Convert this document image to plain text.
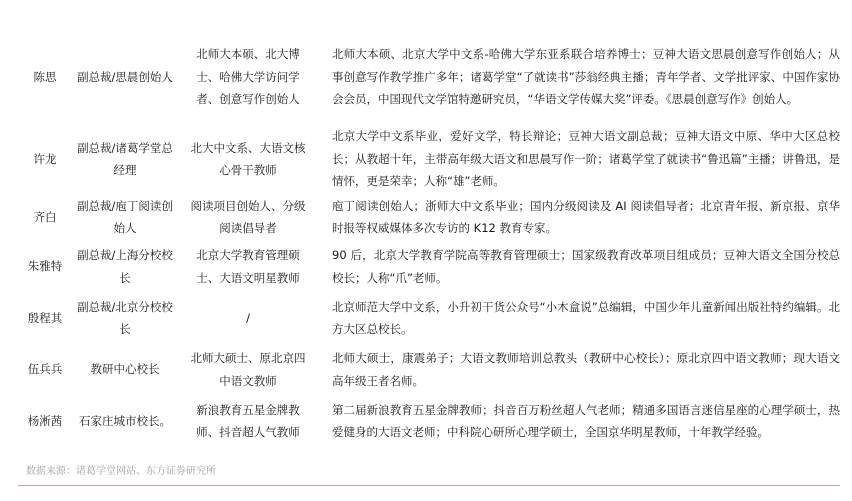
陈思	副总裁/思晨创始人	北师大本硕、北大博士、哈佛大学访问学者、创意写作创始人	北师大本硕、北京大学中文系-哈佛大学东亚系联合培养博士；豆神大语文思晨创意写作创始人；从事创意写作教学推广多年；诸葛学堂“了就读书”莎翁经典主播；青年学者、文学批评家、中国作家协会会员，中国现代文学馆特邀研究员，“华语文学传媒大奖”评委。《思晨创意写作》创始人。
许龙	副总裁/诸葛学堂总经理	北大中文系、大语文核心骨干教师	北京大学中文系毕业，爱好文学，特长辩论；豆神大语文副总裁；豆神大语文中原、华中大区总校长；从教超十年，主带高年级大语文和思晨写作一阶；诸葛学堂了就读书“鲁迅篇”主播；讲鲁迅，是情怀，更是荣幸；人称“雄”老师。
齐白	副总裁/庖丁阅读创始人	阅读项目创始人、分级阅读倡导者	庖丁阅读创始人；浙师大中文系毕业；国内分级阅读及 AI 阅读倡导者；北京青年报、新京报、京华时报等权威媒体多次专访的 K12 教育专家。
朱雅特	副总裁/上海分校校长	北京大学教育管理硕士、大语文明星教师	90 后，北京大学教育学院高等教育管理硕士；国家级教育改革项目组成员；豆神大语文全国分校总校长；人称“爪”老师。
殷程其	副总裁/北京分校校长	/	北京师范大学中文系，小升初干货公众号“小木盒说”总编辑，中国少年儿童新闻出版社特约编辑。北方大区总校长。
伍兵兵	教研中心校长	北师大硕士、原北京四中语文教师	北师大硕士，康震弟子；大语文教师培训总教头（教研中心校长）；原北京四中语文教师；现大语文高年级王者名师。
杨淅茜	石家庄城市校长。	新浪教育五星金牌教师、抖音超人气教师	第二届新浪教育五星金牌教师；抖音百万粉丝超人气老师；精通多国语言迷信星座的心理学硕士，热爱健身的大语文老师；中科院心研所心理学硕士，全国京华明星教师，十年教学经验。
数据来源：诸葛学堂网站、东方证券研究所
